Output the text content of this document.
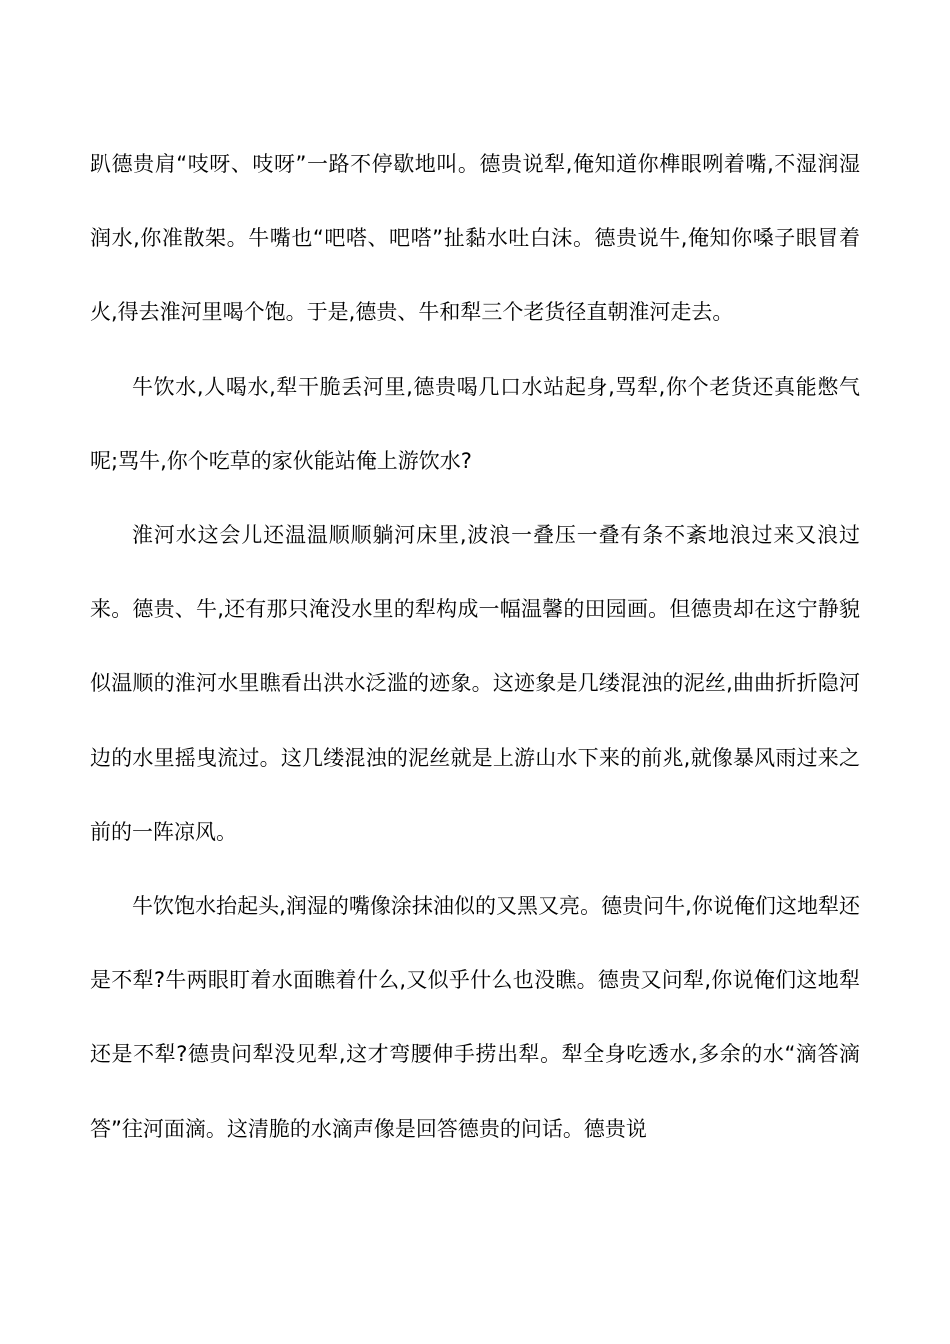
趴德贵肩“吱呀、吱呀”一路不停歇地叫。德贵说犁,俺知道你榫眼咧着嘴,不湿润湿润水,你准散架。牛嘴也“吧嗒、吧嗒”扯黏水吐白沫。德贵说牛,俺知你嗓子眼冒着火,得去淮河里喝个饱。于是,德贵、牛和犁三个老货径直朝淮河走去。

牛饮水,人喝水,犁干脆丢河里,德贵喝几口水站起身,骂犁,你个老货还真能憋气呢;骂牛,你个吃草的家伙能站俺上游饮水?

淮河水这会儿还温温顺顺躺河床里,波浪一叠压一叠有条不紊地浪过来又浪过来。德贵、牛,还有那只淹没水里的犁构成一幅温馨的田园画。但德贵却在这宁静貌似温顺的淮河水里瞧看出洪水泛滥的迹象。这迹象是几缕混浊的泥丝,曲曲折折隐河边的水里摇曳流过。这几缕混浊的泥丝就是上游山水下来的前兆,就像暴风雨过来之前的一阵凉风。

牛饮饱水抬起头,润湿的嘴像涂抹油似的又黑又亮。德贵问牛,你说俺们这地犁还是不犁?牛两眼盯着水面瞧着什么,又似乎什么也没瞧。德贵又问犁,你说俺们这地犁还是不犁?德贵问犁没见犁,这才弯腰伸手捞出犁。犁全身吃透水,多余的水“滴答滴答”往河面滴。这清脆的水滴声像是回答德贵的问话。德贵说
